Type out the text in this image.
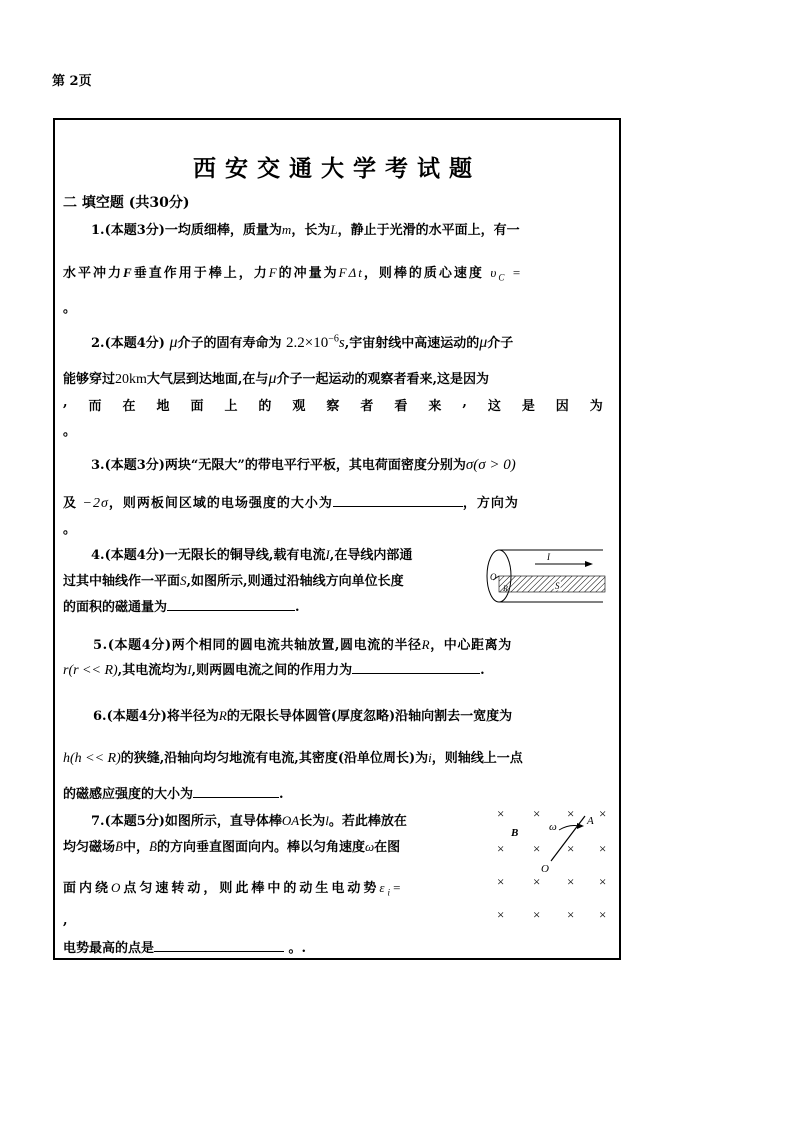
第 2页
西安交通大学考试题
二 填空题 (共30分)
1.(本题3分)一均质细棒，质量为m，长为L，静止于光滑的水平面上，有一
水平冲力F垂直作用于棒上，力F的冲量为FΔt，则棒的质心速度 $\upsilon_C$ =
。
2.(本题4分) μ介子的固有寿命为 $2.2\times 10^{-6}s$,宇宙射线中高速运动的μ介子
能够穿过20km大气层到达地面,在与μ介子一起运动的观察者看来,这是因为
, 而 在 地 面 上 的 观 察 者 看 来 , 这 是 因 为
。
3.(本题3分)两块“无限大”的带电平行平板，其电荷面密度分别为σ(σ > 0)
及 −2σ，则两板间区域的电场强度的大小为	，方向为
。
4.(本题4分)一无限长的铜导线,载有电流I,在导线内部通
过其中轴线作一平面S,如图所示,则通过沿轴线方向单位长度
的面积的磁通量为	.
I
O
R	S
5.(本题4分)两个相同的圆电流共轴放置,圆电流的半径R，中心距离为
r(r << R),其电流均为I,则两圆电流之间的作用力为	.
6.(本题4分)将半径为R的无限长导体圆管(厚度忽略)沿轴向割去一宽度为
h(h << R)的狭缝,沿轴向均匀地流有电流,其密度(沿单位周长)为i，则轴线上一点
的磁感应强度的大小为	.
7.(本题5分)如图所示，直导体棒OA长为l。若此棒放在
均匀磁场B̄中，B̄的方向垂直图面向内。棒以匀角速度ω在图
面内绕O点匀速转动，则此棒中的动生电动势$\varepsilon_i=$
,
电势最高的点是	。.
× × × ×
× × × ×
× × × ×
× × × ×
B	ω	A
O
